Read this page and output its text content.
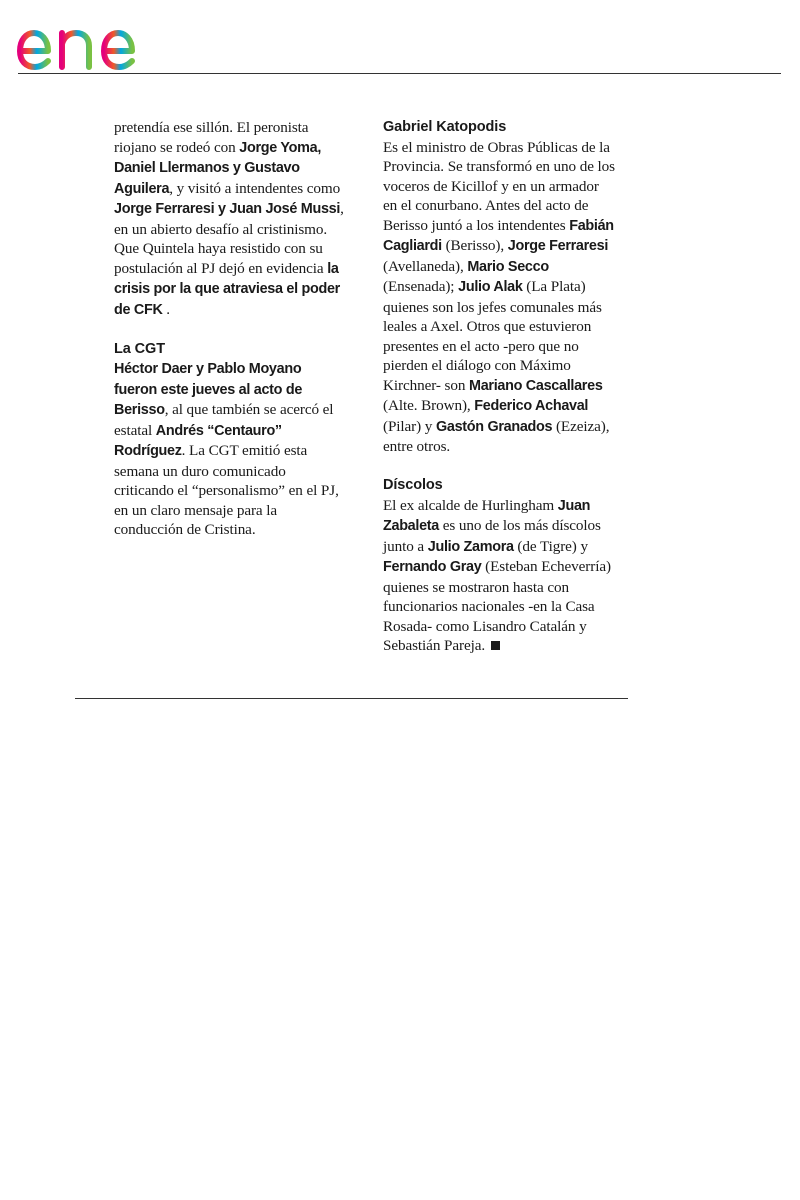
pretendía ese sillón. El peronista riojano se rodeó con Jorge Yoma, Daniel Llermanos y Gustavo Aguilera, y visitó a intendentes como Jorge Ferraresi y Juan José Mussi, en un abierto desafío al cristinismo. Que Quintela haya resistido con su postulación al PJ dejó en evidencia la crisis por la que atraviesa el poder de CFK .

La CGT

Héctor Daer y Pablo Moyano fueron este jueves al acto de Berisso, al que también se acercó el estatal Andrés “Centauro” Rodríguez. La CGT emitió esta semana un duro comunicado criticando el “personalismo” en el PJ, en un claro mensaje para la conducción de Cristina.

Gabriel Katopodis

Es el ministro de Obras Públicas de la Provincia. Se transformó en uno de los voceros de Kicillof y en un armador en el conurbano. Antes del acto de Berisso juntó a los intendentes Fabián Cagliardi (Berisso), Jorge Ferraresi (Avellaneda), Mario Secco (Ensenada); Julio Alak (La Plata) quienes son los jefes comunales más leales a Axel. Otros que estuvieron presentes en el acto -pero que no pierden el diálogo con Máximo Kirchner- son Mariano Cascallares (Alte. Brown), Federico Achaval (Pilar) y Gastón Granados (Ezeiza), entre otros.

Díscolos

El ex alcalde de Hurlingham Juan Zabaleta es uno de los más díscolos junto a Julio Zamora (de Tigre) y Fernando Gray (Esteban Echeverría) quienes se mostraron hasta con funcionarios nacionales -en la Casa Rosada- como Lisandro Catalán y Sebastián Pareja.
